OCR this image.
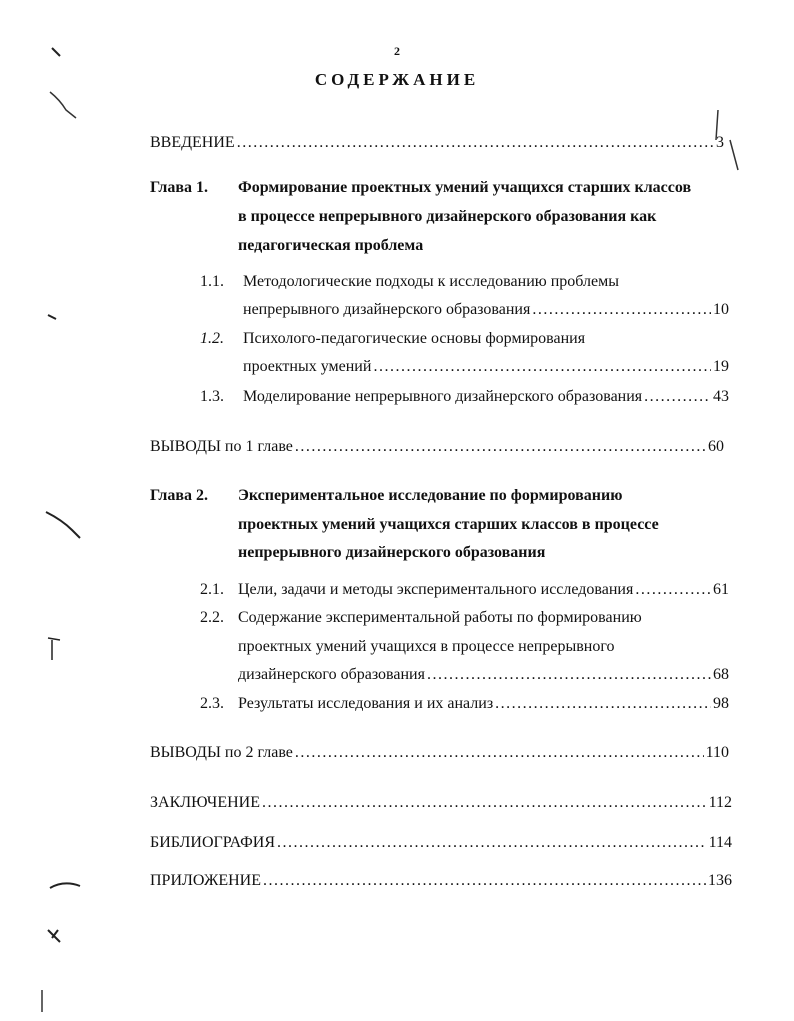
2
СОДЕРЖАНИЕ
ВВЕДЕНИЕ .....	3
Глава 1. Формирование проектных умений учащихся старших классов
в процессе непрерывного дизайнерского образования как
педагогическая проблема
1.1. Методологические подходы к исследованию проблемы
непрерывного дизайнерского образования .....	10
1.2. Психолого-педагогические основы формирования
проектных умений .....	19
1.3. Моделирование непрерывного дизайнерского образования .....	43
ВЫВОДЫ по 1 главе .....	60
Глава 2. Экспериментальное исследование по формированию
проектных умений учащихся старших классов в процессе
непрерывного дизайнерского образования
2.1. Цели, задачи и методы экспериментального исследования .....	61
2.2. Содержание экспериментальной работы по формированию
проектных умений учащихся в процессе непрерывного
дизайнерского образования .....	68
2.3. Результаты исследования и их анализ .....	98
ВЫВОДЫ по 2 главе .....	110
ЗАКЛЮЧЕНИЕ .....	112
БИБЛИОГРАФИЯ .....	114
ПРИЛОЖЕНИЕ .....	136
